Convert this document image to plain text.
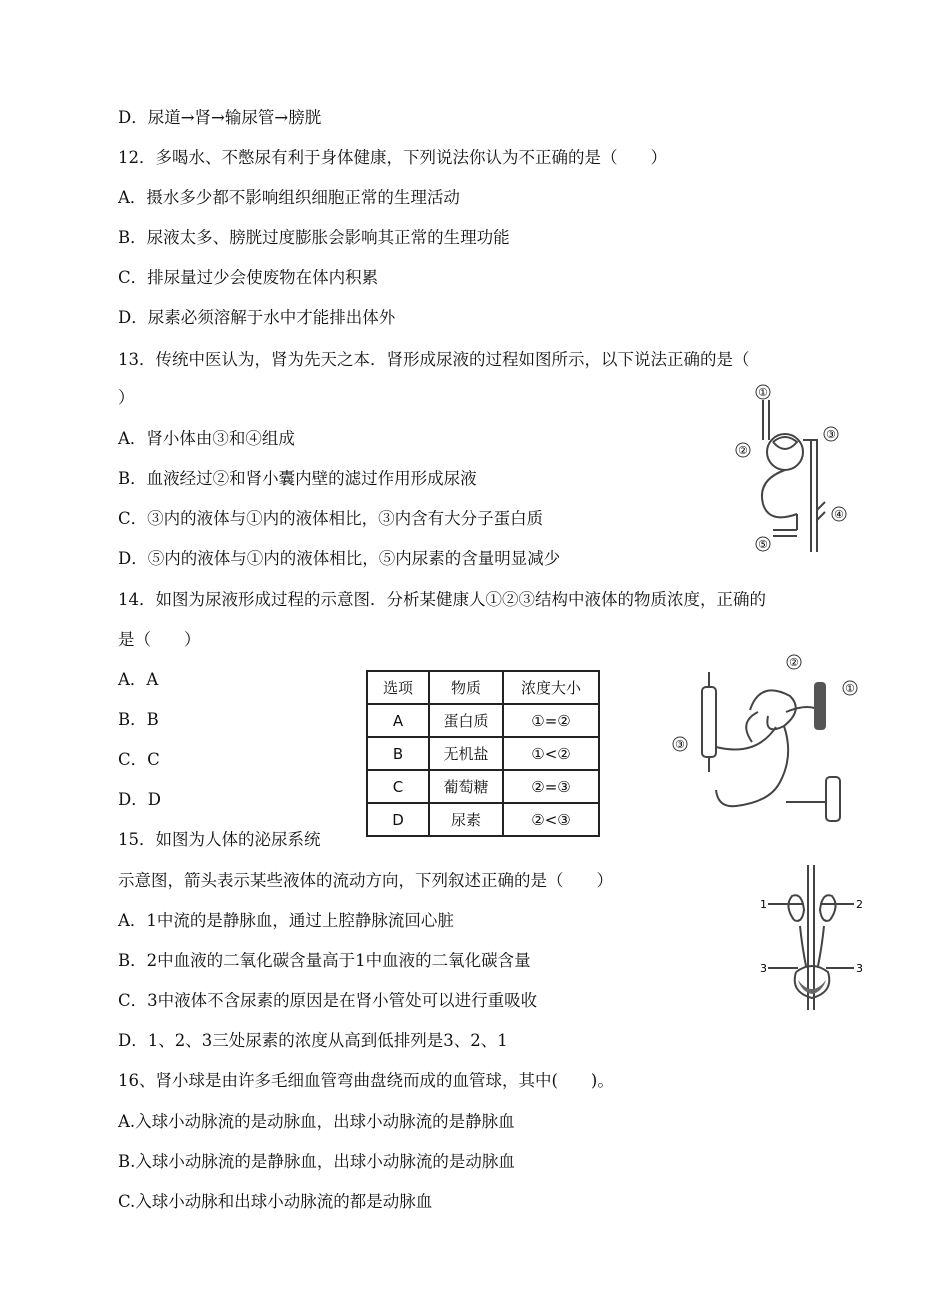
D．尿道→肾→输尿管→膀胱
12．多喝水、不憋尿有利于身体健康，下列说法你认为不正确的是（　　）
A．摄水多少都不影响组织细胞正常的生理活动
B．尿液太多、膀胱过度膨胀会影响其正常的生理功能
C．排尿量过少会使废物在体内积累
D．尿素必须溶解于水中才能排出体外
13．传统中医认为，肾为先天之本．肾形成尿液的过程如图所示，以下说法正确的是（
）
A．肾小体由③和④组成
B．血液经过②和肾小囊内壁的滤过作用形成尿液
C．③内的液体与①内的液体相比，③内含有大分子蛋白质
D．⑤内的液体与①内的液体相比，⑤内尿素的含量明显减少
14．如图为尿液形成过程的示意图．分析某健康人①②③结构中液体的物质浓度，正确的
是（　　）
A．A
B．B
C．C
D．D
15．如图为人体的泌尿系统
示意图，箭头表示某些液体的流动方向，下列叙述正确的是（　　）
A．1中流的是静脉血，通过上腔静脉流回心脏
B．2中血液的二氧化碳含量高于1中血液的二氧化碳含量
C．3中液体不含尿素的原因是在肾小管处可以进行重吸收
D．1、2、3三处尿素的浓度从高到低排列是3、2、1
16、肾小球是由许多毛细血管弯曲盘绕而成的血管球，其中(　　)。
A.入球小动脉流的是动脉血，出球小动脉流的是静脉血
B.入球小动脉流的是静脉血，出球小动脉流的是动脉血
C.入球小动脉和出球小动脉流的都是动脉血
选项	物质	浓度大小
A	蛋白质	①=②
B	无机盐	①<②
C	葡萄糖	②=③
D	尿素	②<③
①
②
③
④
⑤
②
①
③
1	2
3	3
